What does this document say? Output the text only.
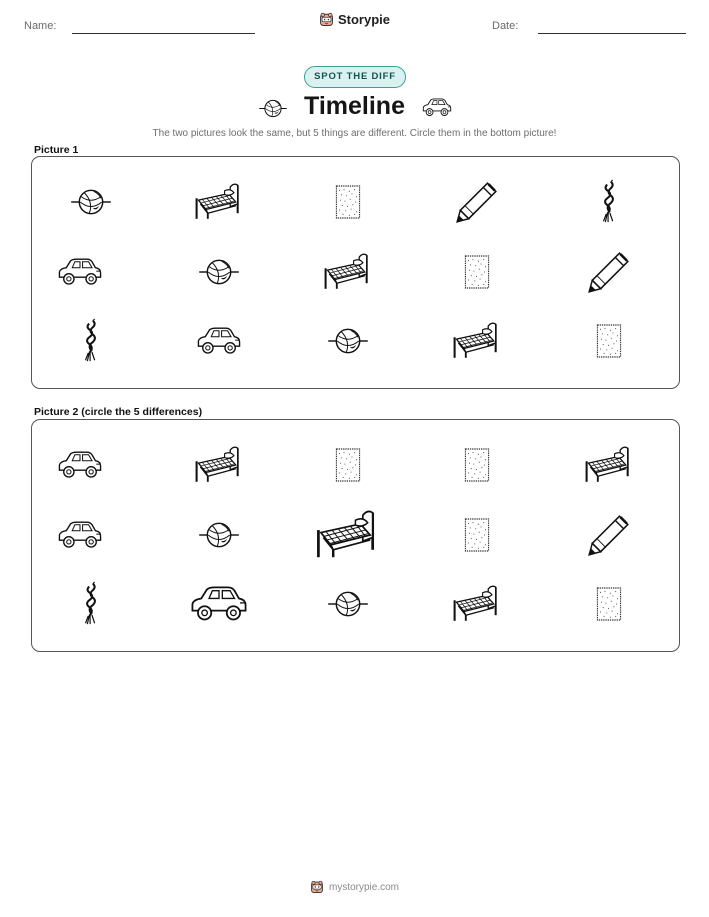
Name:	Storypie	Date:
SPOT THE DIFF
Timeline
The two pictures look the same, but 5 things are different. Circle them in the bottom picture!
Picture 1
Picture 2 (circle the 5 differences)
mystorypie.com
